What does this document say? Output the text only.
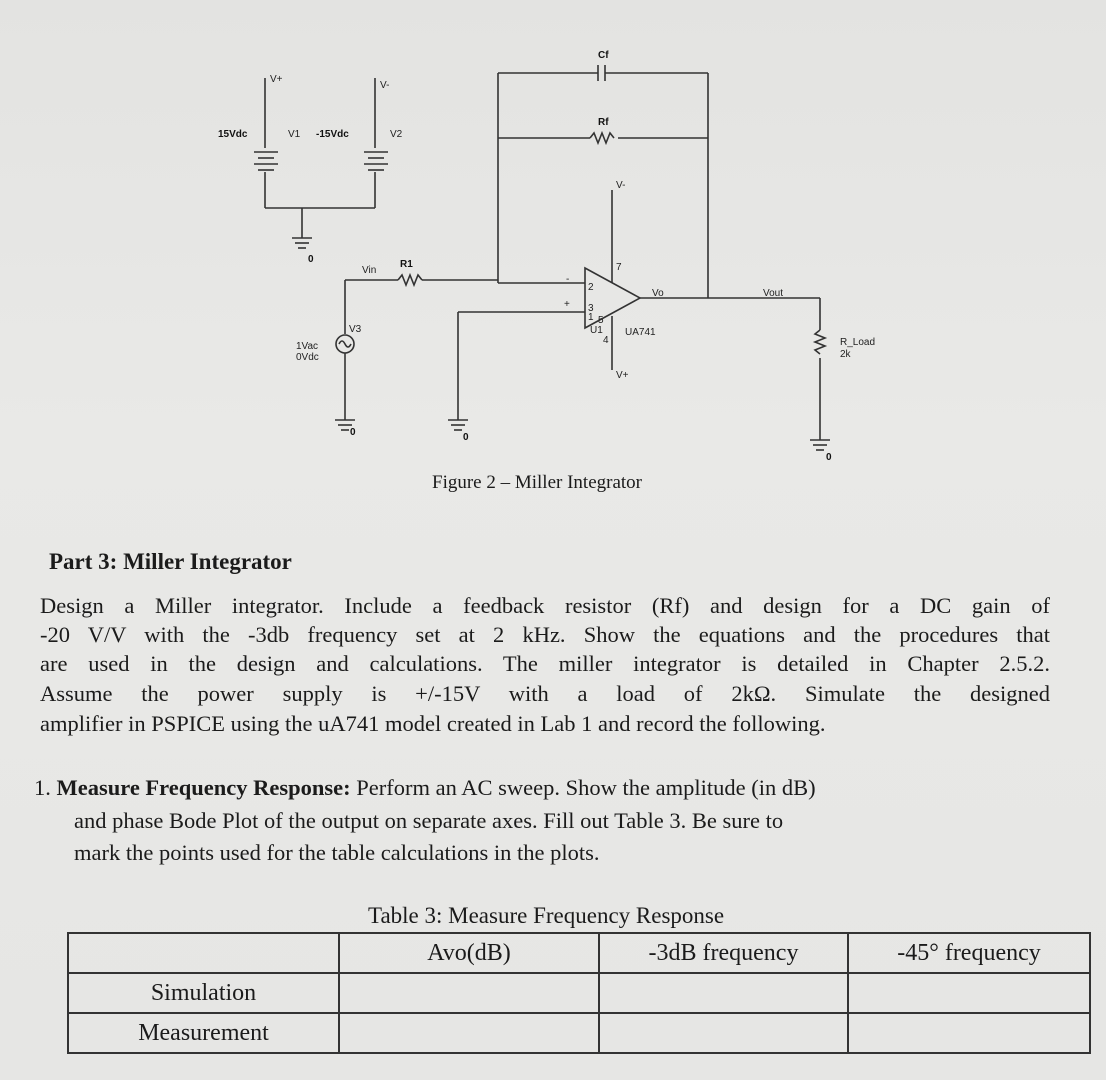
Cf
Rf
V-
V+
V-
15Vdc	V1 -15Vdc	V2
0
Vin
R1
-
+
2
3
1
4
7
5
Vo	Vout
U1 UA741
V+
V3
1Vac
0Vdc
0	0
0
R_Load
2k
Figure 2 – Miller Integrator
Part 3: Miller Integrator
Design a Miller integrator. Include a feedback resistor (Rf) and design for a DC gain of
-20 V/V with the -3db frequency set at 2 kHz. Show the equations and the procedures that
are used in the design and calculations. The miller integrator is detailed in Chapter 2.5.2.
Assume the power supply is +/-15V with a load of 2kΩ. Simulate the designed
amplifier in PSPICE using the uA741 model created in Lab 1 and record the following.
1. Measure Frequency Response: Perform an AC sweep. Show the amplitude (in dB)
and phase Bode Plot of the output on separate axes. Fill out Table 3. Be sure to
mark the points used for the table calculations in the plots.
Table 3: Measure Frequency Response
	Avo(dB)	-3dB frequency	-45° frequency
Simulation			
Measurement			
